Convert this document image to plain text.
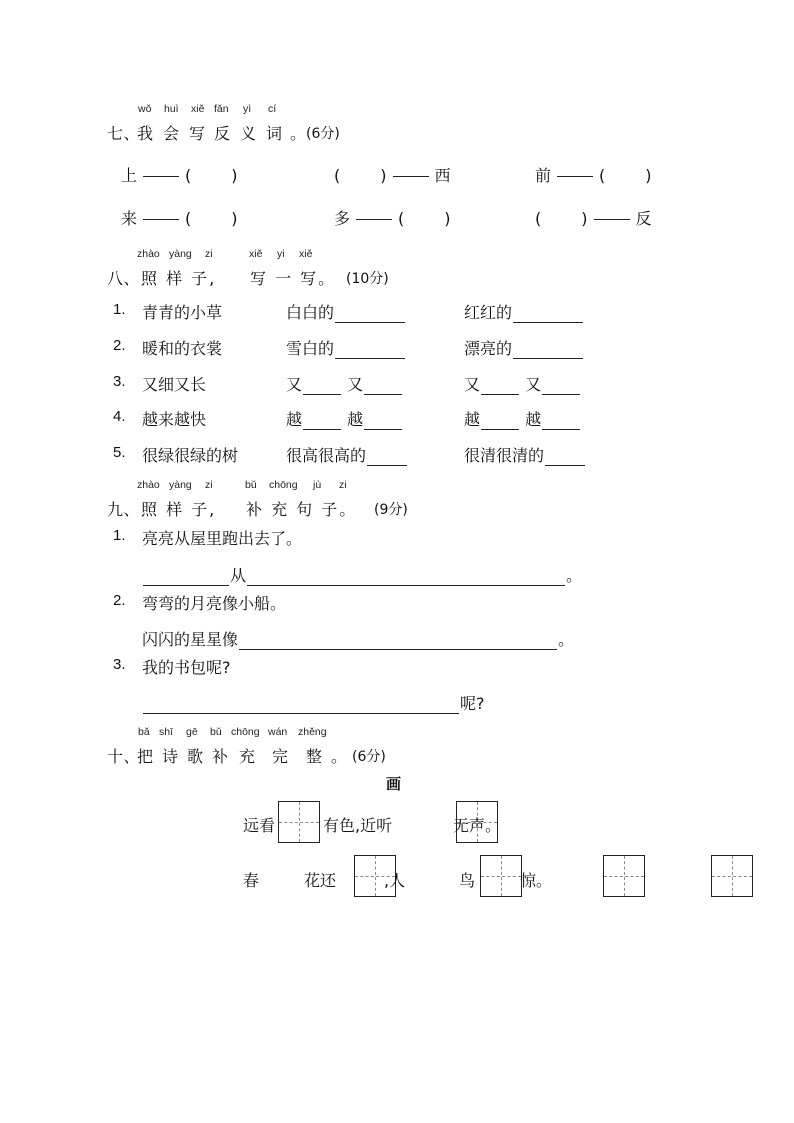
wǒ huì xiě fǎn yì cí
七、
我 会 写 反 义 词 。 (6分)
上	(	)	(	)	西	前	(	)
来	(	)	多	(	)	(	)	反
zhào yàng zi	xiě yi xiě
八、 照 样 子, 写 一 写。 (10分)
1. 青青的小草	白白的	红红的
2. 暖和的衣裳	雪白的	漂亮的
3. 又细又长	又	又	又	又
4. 越来越快	越	越	越	越
5. 很绿很绿的树	很高很高的	很清很清的
zhào yàng zi	bǔ chōng jù zi
九、 照 样 子, 补 充 句 子。 (9分)
1. 亮亮从屋里跑出去了。
从	。
2. 弯弯的月亮像小船。
闪闪的星星像	。
3. 我的书包呢?
呢?
bǎ shī gē bǔ chōng wán zhěng
十、
把 诗 歌 补 充 完 整 。 (6分)
画
远看
	有色,近听
	无声。
春
	花还
	,人
	鸟	惊。
